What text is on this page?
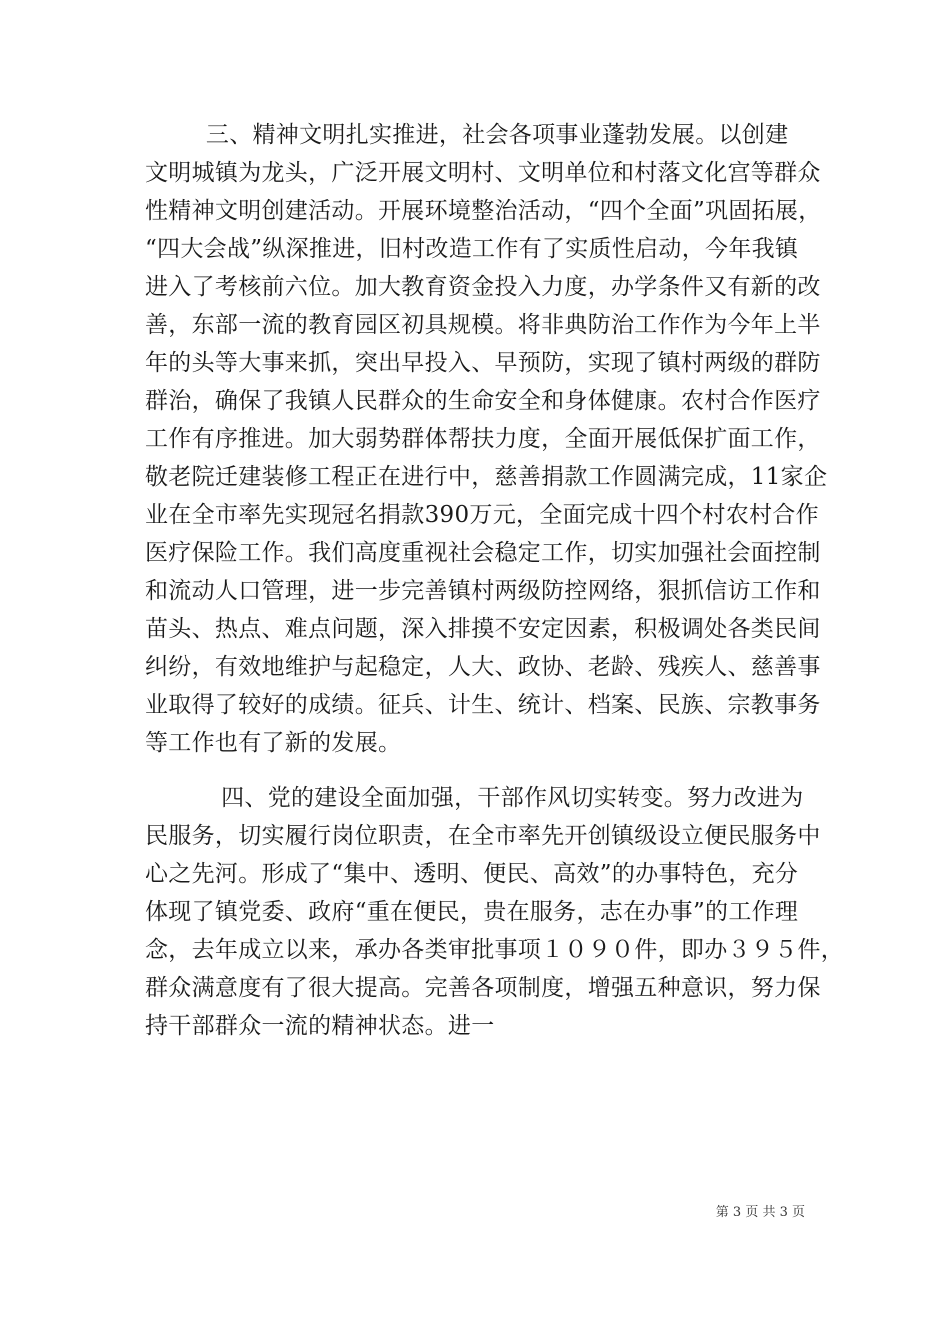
三、精神文明扎实推进，社会各项事业蓬勃发展。以创建
文明城镇为龙头，广泛开展文明村、文明单位和村落文化宫等群众
性精神文明创建活动。开展环境整治活动，“四个全面”巩固拓展，
“四大会战”纵深推进，旧村改造工作有了实质性启动，今年我镇
进入了考核前六位。加大教育资金投入力度，办学条件又有新的改
善，东部一流的教育园区初具规模。将非典防治工作作为今年上半
年的头等大事来抓，突出早投入、早预防，实现了镇村两级的群防
群治，确保了我镇人民群众的生命安全和身体健康。农村合作医疗
工作有序推进。加大弱势群体帮扶力度，全面开展低保扩面工作，
敬老院迁建装修工程正在进行中，慈善捐款工作圆满完成，11家企
业在全市率先实现冠名捐款390万元，全面完成十四个村农村合作
医疗保险工作。我们高度重视社会稳定工作，切实加强社会面控制
和流动人口管理，进一步完善镇村两级防控网络，狠抓信访工作和
苗头、热点、难点问题，深入排摸不安定因素，积极调处各类民间
纠纷，有效地维护与起稳定，人大、政协、老龄、残疾人、慈善事
业取得了较好的成绩。征兵、计生、统计、档案、民族、宗教事务
等工作也有了新的发展。
四、党的建设全面加强，干部作风切实转变。努力改进为
民服务，切实履行岗位职责，在全市率先开创镇级设立便民服务中
心之先河。形成了“集中、透明、便民、高效”的办事特色，充分
体现了镇党委、政府“重在便民，贵在服务，志在办事”的工作理
念，去年成立以来，承办各类审批事项１０９０件，即办３９５件，
群众满意度有了很大提高。完善各项制度，增强五种意识，努力保
持干部群众一流的精神状态。进一
第 3 页 共 3 页
